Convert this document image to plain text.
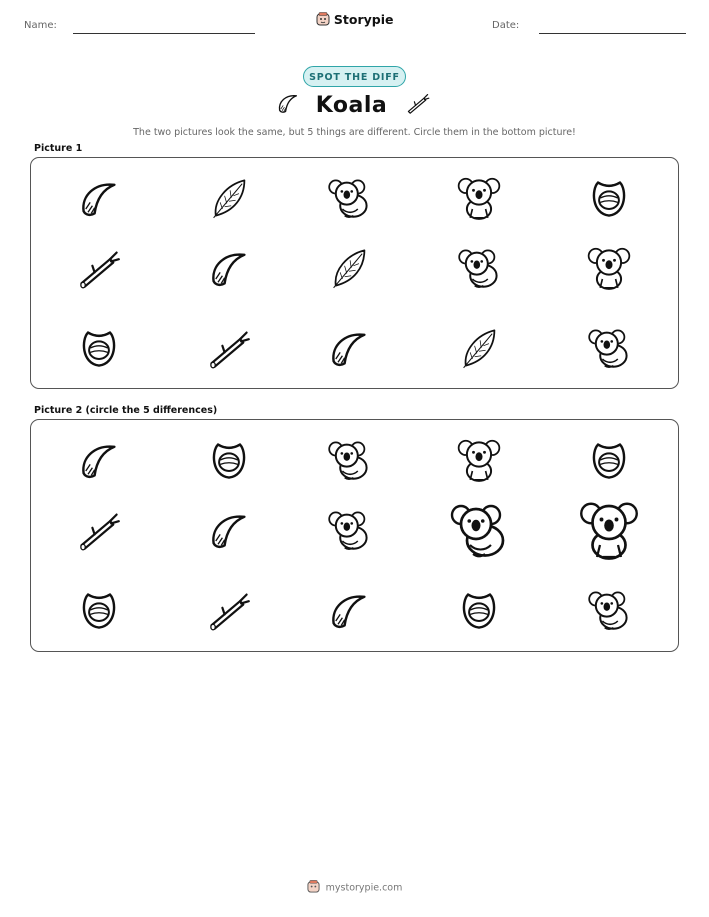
Name:	Storypie	Date:
SPOT THE DIFF
Koala
The two pictures look the same, but 5 things are different. Circle them in the bottom picture!
Picture 1
Picture 2 (circle the 5 differences)
mystorypie.com
